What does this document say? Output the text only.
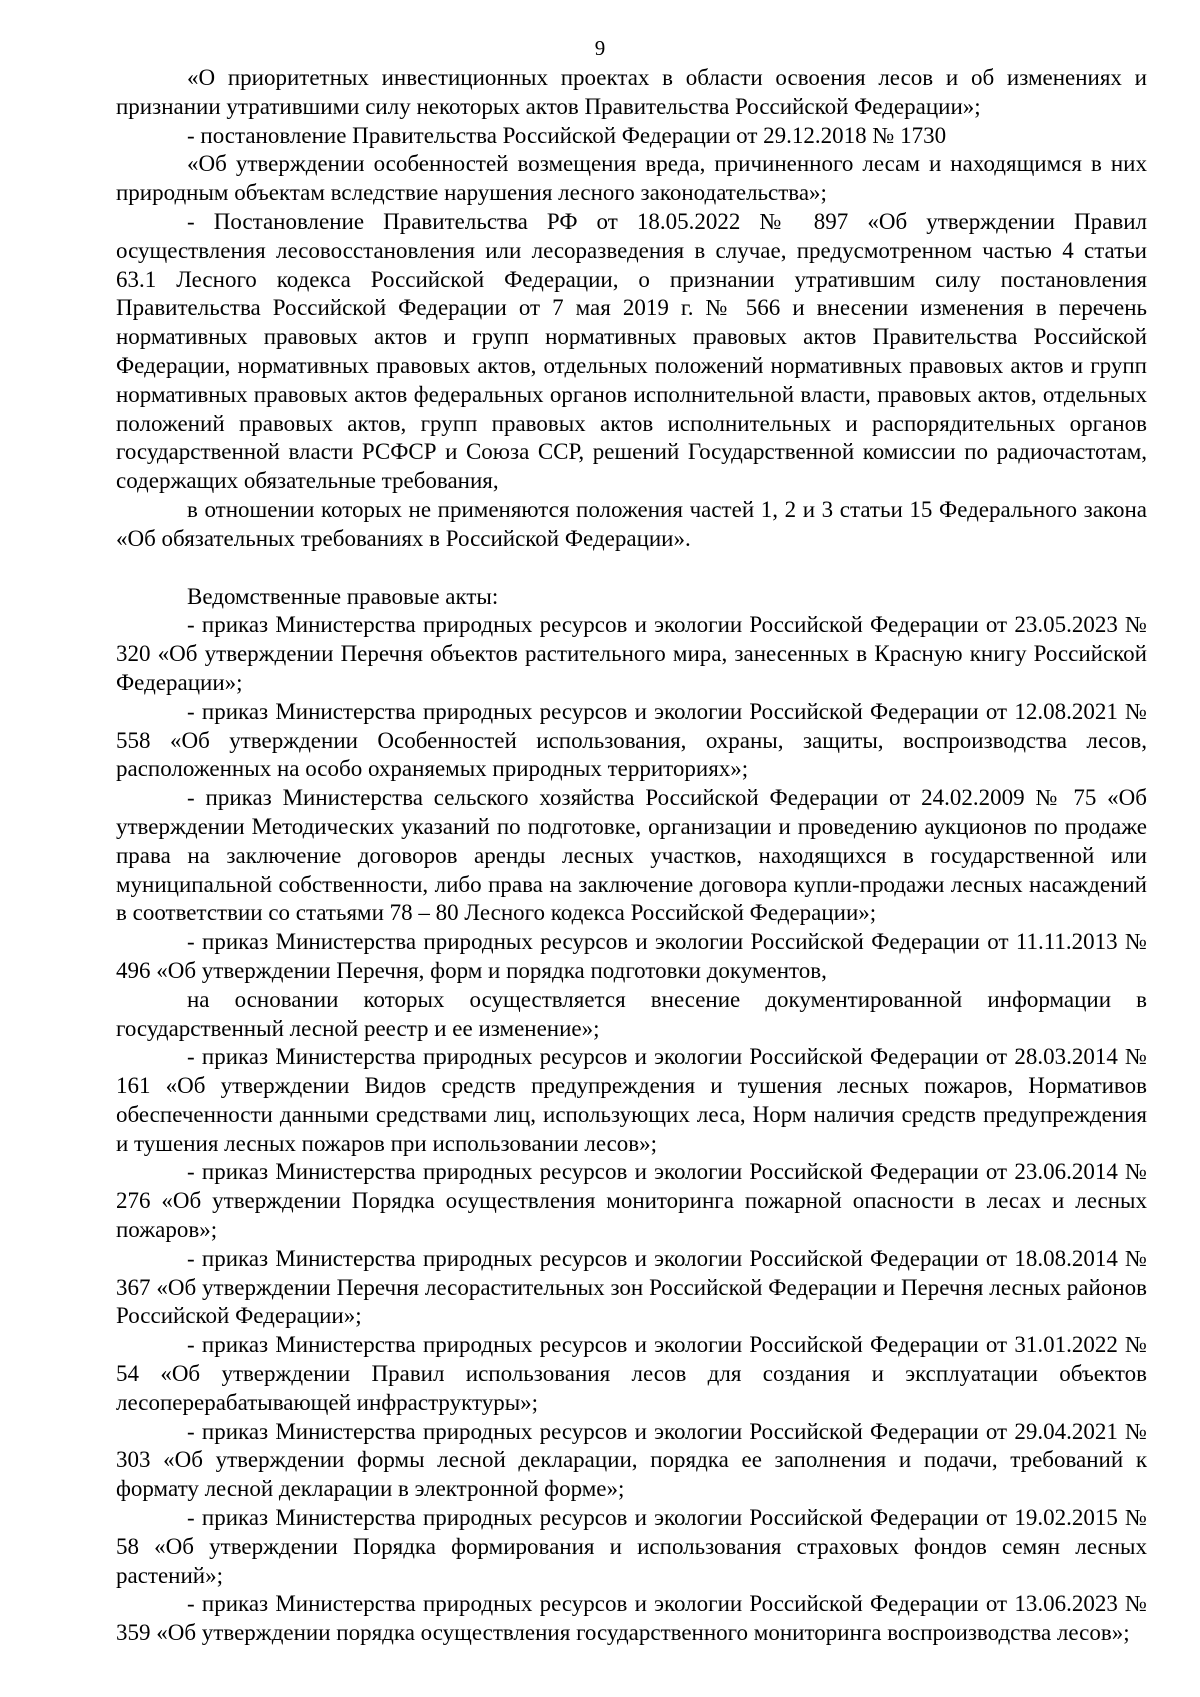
9

«О приоритетных инвестиционных проектах в области освоения лесов и об изменениях и признании утратившими силу некоторых актов Правительства Российской Федерации»;

- постановление Правительства Российской Федерации от 29.12.2018 № 1730

«Об утверждении особенностей возмещения вреда, причиненного лесам и находящимся в них природным объектам вследствие нарушения лесного законодательства»;

- Постановление Правительства РФ от 18.05.2022 № 897 «Об утверждении Правил осуществления лесовосстановления или лесоразведения в случае, предусмотренном частью 4 статьи 63.1 Лесного кодекса Российской Федерации, о признании утратившим силу постановления Правительства Российской Федерации от 7 мая 2019 г. № 566 и внесении изменения в перечень нормативных правовых актов и групп нормативных правовых актов Правительства Российской Федерации, нормативных правовых актов, отдельных положений нормативных правовых актов и групп нормативных правовых актов федеральных органов исполнительной власти, правовых актов, отдельных положений правовых актов, групп правовых актов исполнительных и распорядительных органов государственной власти РСФСР и Союза ССР, решений Государственной комиссии по радиочастотам, содержащих обязательные требования,

в отношении которых не применяются положения частей 1, 2 и 3 статьи 15 Федерального закона «Об обязательных требованиях в Российской Федерации».

Ведомственные правовые акты:

- приказ Министерства природных ресурсов и экологии Российской Федерации от 23.05.2023 № 320 «Об утверждении Перечня объектов растительного мира, занесенных в Красную книгу Российской Федерации»;

- приказ Министерства природных ресурсов и экологии Российской Федерации от 12.08.2021 № 558 «Об утверждении Особенностей использования, охраны, защиты, воспроизводства лесов, расположенных на особо охраняемых природных территориях»;

- приказ Министерства сельского хозяйства Российской Федерации от 24.02.2009 № 75 «Об утверждении Методических указаний по подготовке, организации и проведению аукционов по продаже права на заключение договоров аренды лесных участков, находящихся в государственной или муниципальной собственности, либо права на заключение договора купли-продажи лесных насаждений в соответствии со статьями 78 – 80 Лесного кодекса Российской Федерации»;

- приказ Министерства природных ресурсов и экологии Российской Федерации от 11.11.2013 № 496 «Об утверждении Перечня, форм и порядка подготовки документов,

на основании которых осуществляется внесение документированной информации в государственный лесной реестр и ее изменение»;

- приказ Министерства природных ресурсов и экологии Российской Федерации от 28.03.2014 № 161 «Об утверждении Видов средств предупреждения и тушения лесных пожаров, Нормативов обеспеченности данными средствами лиц, использующих леса, Норм наличия средств предупреждения и тушения лесных пожаров при использовании лесов»;

- приказ Министерства природных ресурсов и экологии Российской Федерации от 23.06.2014 № 276 «Об утверждении Порядка осуществления мониторинга пожарной опасности в лесах и лесных пожаров»;

- приказ Министерства природных ресурсов и экологии Российской Федерации от 18.08.2014 № 367 «Об утверждении Перечня лесорастительных зон Российской Федерации и Перечня лесных районов Российской Федерации»;

- приказ Министерства природных ресурсов и экологии Российской Федерации от 31.01.2022 № 54 «Об утверждении Правил использования лесов для создания и эксплуатации объектов лесоперерабатывающей инфраструктуры»;

- приказ Министерства природных ресурсов и экологии Российской Федерации от 29.04.2021 № 303 «Об утверждении формы лесной декларации, порядка ее заполнения и подачи, требований к формату лесной декларации в электронной форме»;

- приказ Министерства природных ресурсов и экологии Российской Федерации от 19.02.2015 № 58 «Об утверждении Порядка формирования и использования страховых фондов семян лесных растений»;

- приказ Министерства природных ресурсов и экологии Российской Федерации от 13.06.2023 № 359 «Об утверждении порядка осуществления государственного мониторинга воспроизводства лесов»;
